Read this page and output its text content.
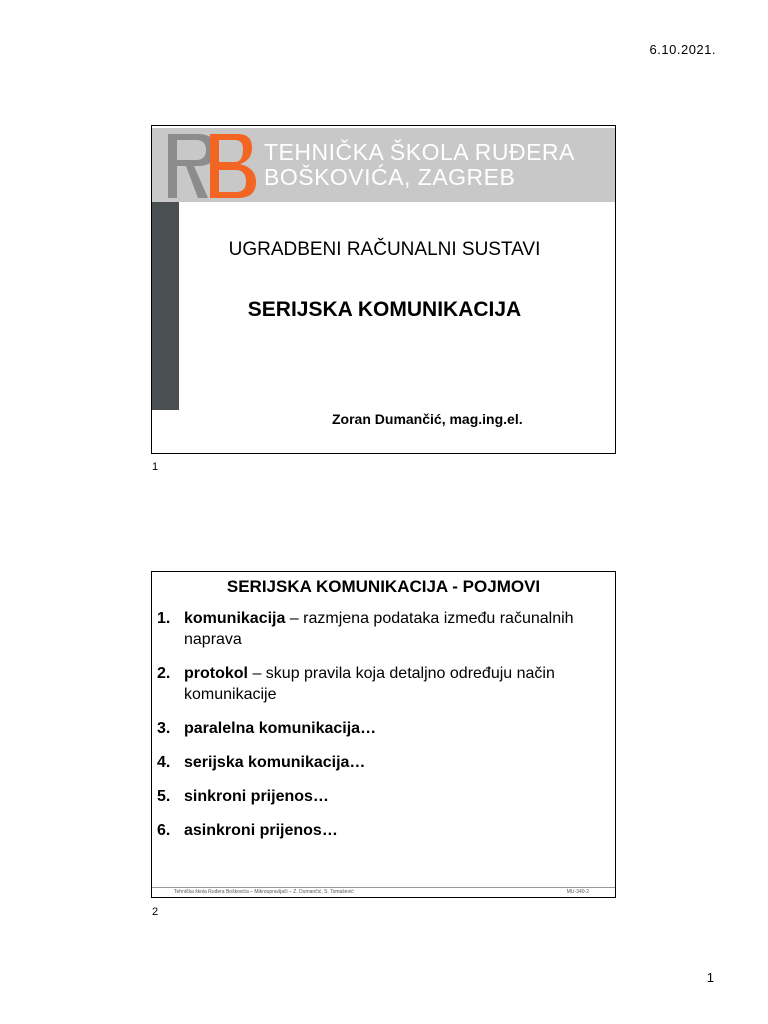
6.10.2021.
TEHNIČKA ŠKOLA RUĐERA
BOŠKOVIĆA, ZAGREB
UGRADBENI RAČUNALNI SUSTAVI
SERIJSKA KOMUNIKACIJA
Zoran Dumančić, mag.ing.el.
1
SERIJSKA KOMUNIKACIJA - POJMOVI
1. komunikacija – razmjena podataka između računalnih naprava
2. protokol – skup pravila koja detaljno određuju način komunikacije
3. paralelna komunikacija…
4. serijska komunikacija…
5. sinkroni prijenos…
6. asinkroni prijenos…
Tehnička škola Ruđera Boškovića – Mikroupravljači – Z. Dumančić, S. Tomašević	MU-340-2
2
1
